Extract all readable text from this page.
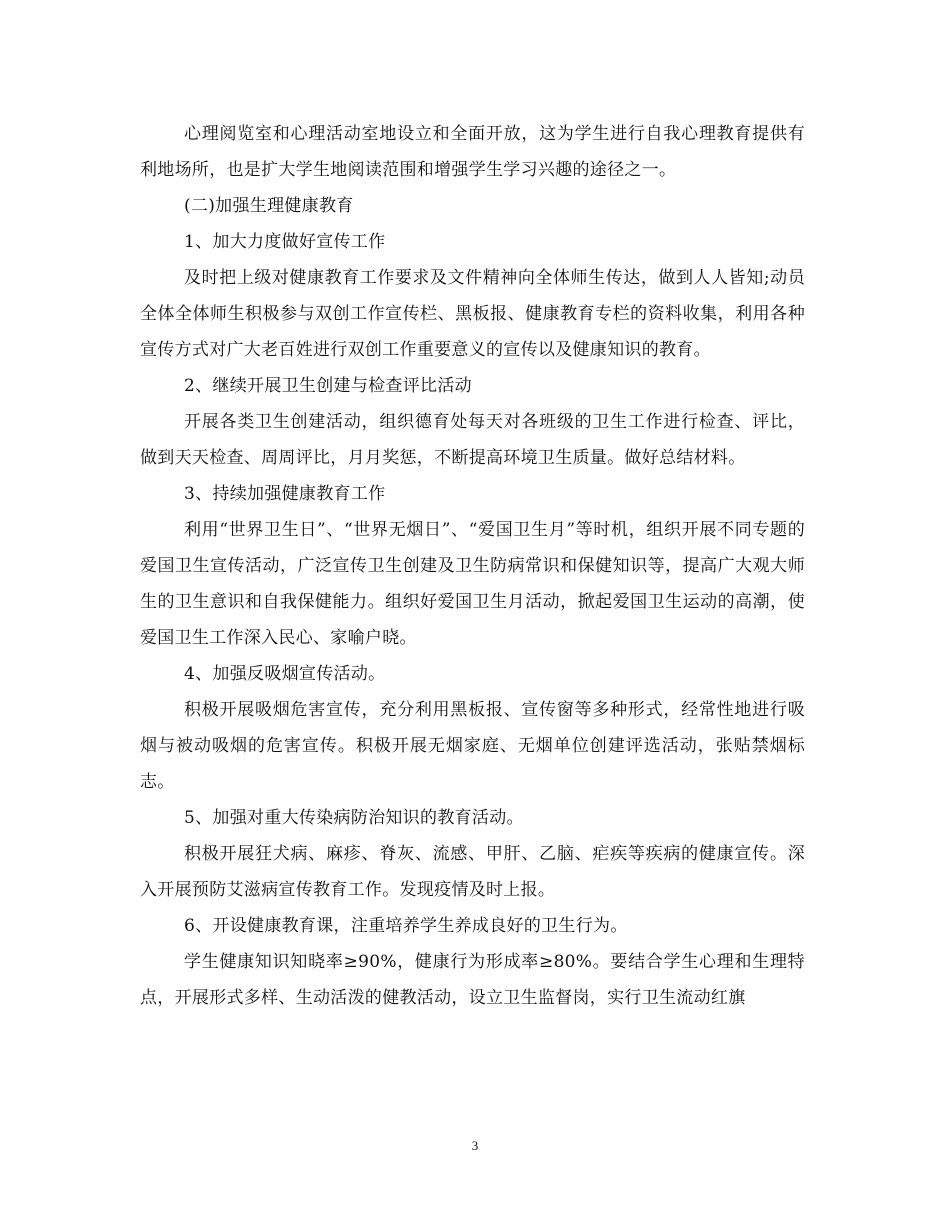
心理阅览室和心理活动室地设立和全面开放，这为学生进行自我心理教育提供有利地场所，也是扩大学生地阅读范围和增强学生学习兴趣的途径之一。

(二)加强生理健康教育

1、加大力度做好宣传工作

及时把上级对健康教育工作要求及文件精神向全体师生传达，做到人人皆知;动员全体全体师生积极参与双创工作宣传栏、黑板报、健康教育专栏的资料收集，利用各种宣传方式对广大老百姓进行双创工作重要意义的宣传以及健康知识的教育。

2、继续开展卫生创建与检查评比活动

开展各类卫生创建活动，组织德育处每天对各班级的卫生工作进行检查、评比，做到天天检查、周周评比，月月奖惩，不断提高环境卫生质量。做好总结材料。

3、持续加强健康教育工作

利用“世界卫生日”、“世界无烟日”、“爱国卫生月”等时机，组织开展不同专题的爱国卫生宣传活动，广泛宣传卫生创建及卫生防病常识和保健知识等，提高广大观大师生的卫生意识和自我保健能力。组织好爱国卫生月活动，掀起爱国卫生运动的高潮，使爱国卫生工作深入民心、家喻户晓。

4、加强反吸烟宣传活动。

积极开展吸烟危害宣传，充分利用黑板报、宣传窗等多种形式，经常性地进行吸烟与被动吸烟的危害宣传。积极开展无烟家庭、无烟单位创建评选活动，张贴禁烟标志。

5、加强对重大传染病防治知识的教育活动。

积极开展狂犬病、麻疹、脊灰、流感、甲肝、乙脑、疟疾等疾病的健康宣传。深入开展预防艾滋病宣传教育工作。发现疫情及时上报。

6、开设健康教育课，注重培养学生养成良好的卫生行为。

学生健康知识知晓率≥90%，健康行为形成率≥80%。要结合学生心理和生理特点，开展形式多样、生动活泼的健教活动，设立卫生监督岗，实行卫生流动红旗

3
